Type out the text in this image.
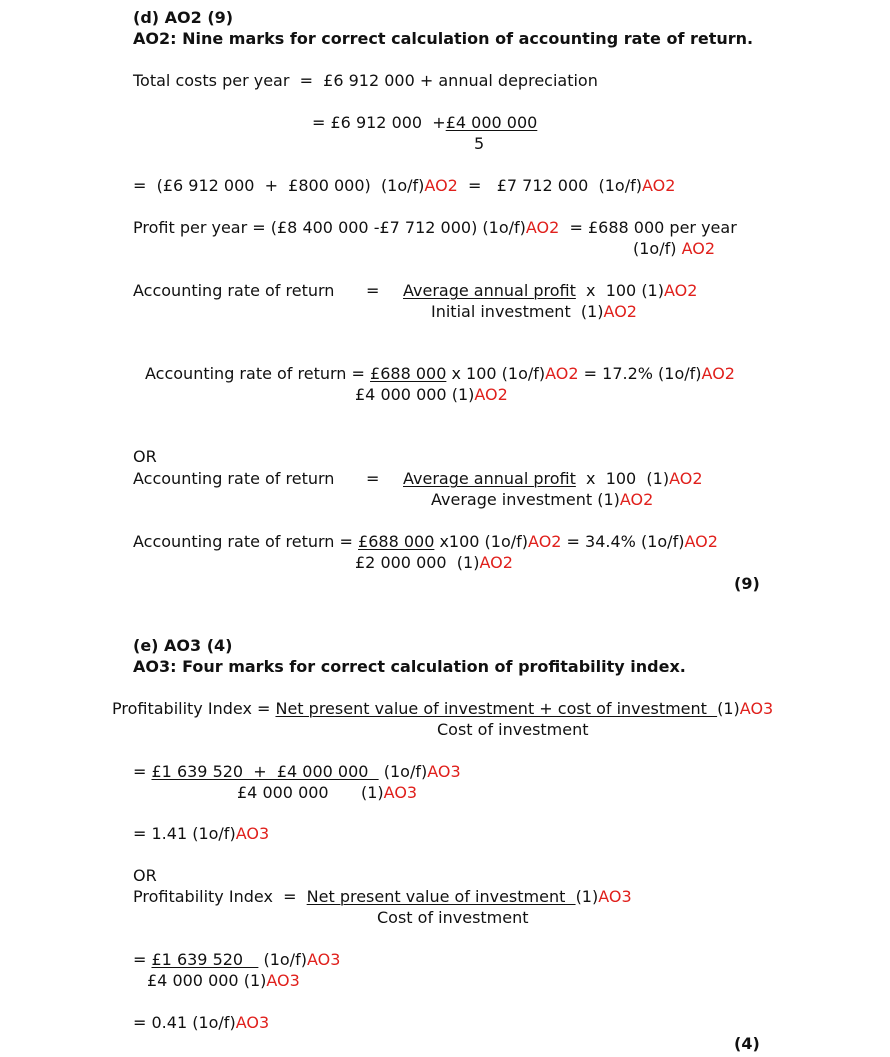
(d) AO2 (9)
AO2: Nine marks for correct calculation of accounting rate of return.
Total costs per year  =  £6 912 000 + annual depreciation
= £6 912 000  +£4 000 000
5
=  (£6 912 000  +  £800 000)  (1o/f)AO2  =   £7 712 000  (1o/f)AO2
Profit per year = (£8 400 000 -£7 712 000) (1o/f)AO2  = £688 000 per year
(1o/f) AO2
Accounting rate of return = Average annual profit  x  100 (1)AO2
Initial investment  (1)AO2
Accounting rate of return = £688 000 x 100 (1o/f)AO2 = 17.2% (1o/f)AO2
£4 000 000 (1)AO2
OR
Accounting rate of return = Average annual profit  x  100  (1)AO2
Average investment (1)AO2
Accounting rate of return = £688 000 x100 (1o/f)AO2 = 34.4% (1o/f)AO2
£2 000 000  (1)AO2
(9)
(e) AO3 (4)
AO3: Four marks for correct calculation of profitability index.
Profitability Index = Net present value of investment + cost of investment  (1)AO3
Cost of investment
= £1 639 520  +  £4 000 000   (1o/f)AO3
£4 000 000 (1)AO3
= 1.41 (1o/f)AO3
OR
Profitability Index  =  Net present value of investment  (1)AO3
Cost of investment
= £1 639 520    (1o/f)AO3
£4 000 000 (1)AO3
= 0.41 (1o/f)AO3
(4)
